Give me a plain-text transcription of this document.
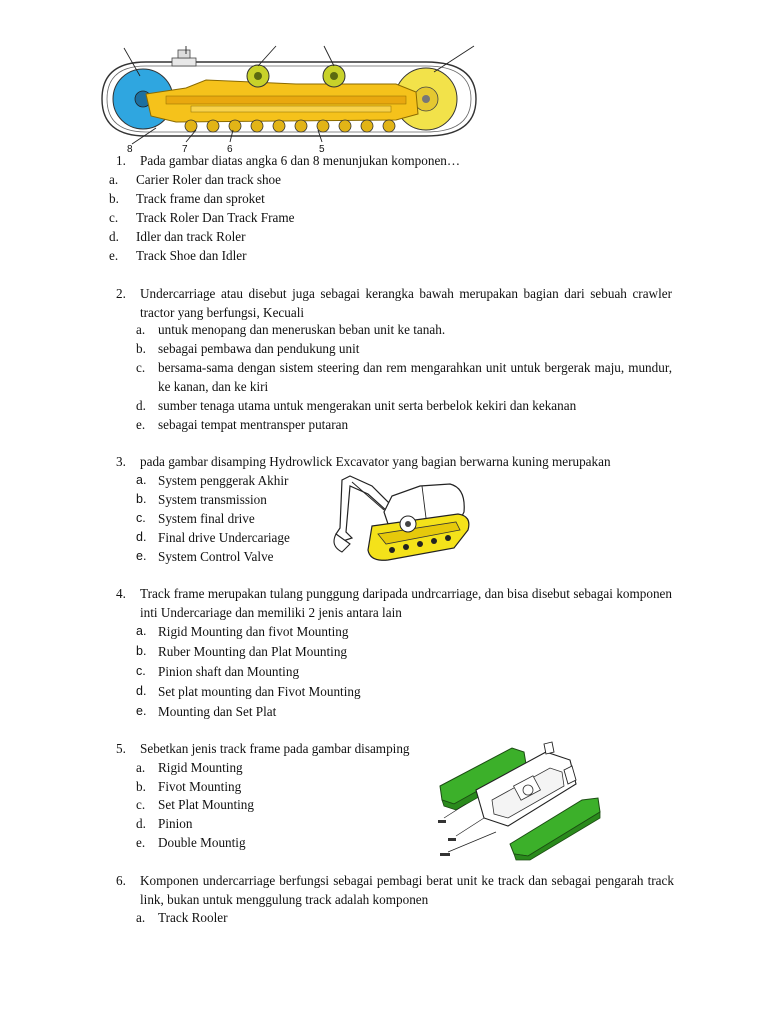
8	7	6	5
1. Pada gambar diatas angka 6 dan 8 menunjukan komponen…
a. Carier Roler dan track shoe
b. Track frame dan sproket
c. Track Roler Dan Track Frame
d. Idler dan track Roler
e. Track Shoe dan Idler
2. Undercarriage atau disebut juga sebagai kerangka bawah merupakan bagian dari sebuah crawler tractor yang berfungsi, Kecuali
a. untuk menopang dan meneruskan beban unit ke tanah.
b. sebagai pembawa dan pendukung unit
c. bersama-sama dengan sistem steering dan rem mengarahkan unit untuk bergerak maju, mundur, ke kanan, dan ke kiri
d. sumber tenaga utama untuk mengerakan unit serta berbelok kekiri dan kekanan
e. sebagai tempat mentransper putaran
3. pada gambar disamping Hydrowlick Excavator yang bagian berwarna kuning merupakan
a. System penggerak Akhir
b. System transmission
c. System final drive
d. Final drive Undercariage
e. System Control Valve
4. Track frame merupakan tulang punggung daripada undrcarriage, dan bisa disebut sebagai komponen inti Undercariage dan memiliki 2 jenis antara lain
a. Rigid Mounting dan fivot Mounting
b. Ruber Mounting dan Plat Mounting
c. Pinion shaft dan Mounting
d. Set plat mounting dan Fivot Mounting
e. Mounting dan Set Plat
5. Sebetkan jenis track frame pada gambar disamping
a. Rigid Mounting
b. Fivot Mounting
c. Set Plat Mounting
d. Pinion
e. Double Mountig
6. Komponen undercarriage berfungsi sebagai pembagi berat unit ke track dan sebagai pengarah track link, bukan untuk menggulung track adalah komponen
a. Track Rooler
